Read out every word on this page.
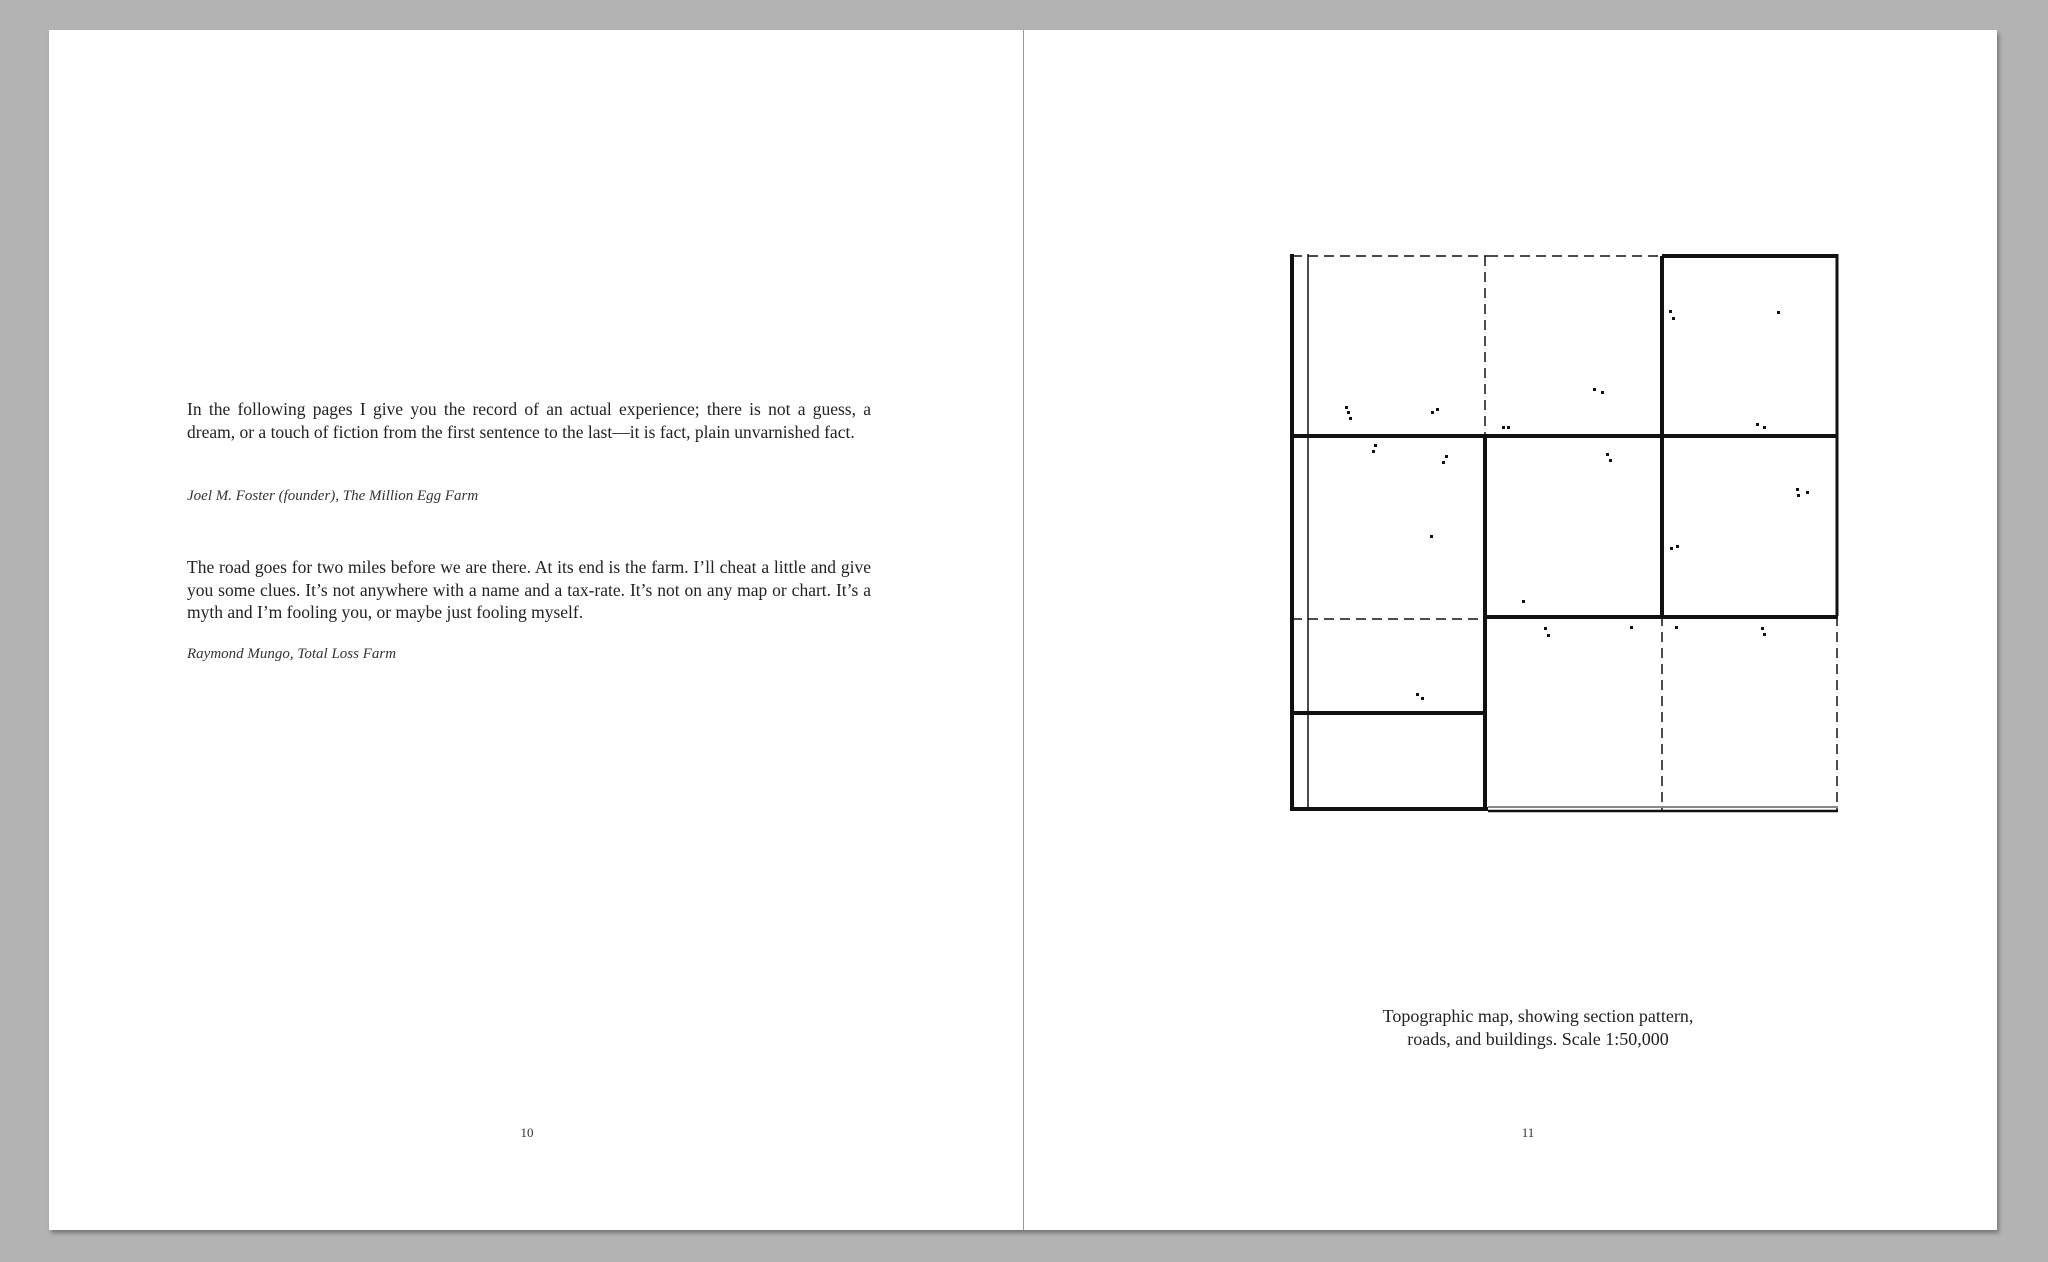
In the following pages I give you the record of an actual experience; there is not a guess, a dream, or a touch of fiction from the first sentence to the last—it is fact, plain unvarnished fact.

Joel M. Foster (founder), The Million Egg Farm

The road goes for two miles before we are there. At its end is the farm. I’ll cheat a little and give you some clues. It’s not anywhere with a name and a tax-rate. It’s not on any map or chart. It’s a myth and I’m fooling you, or maybe just fooling myself.

Raymond Mungo, Total Loss Farm

10
Topographic map, showing section pattern,
roads, and buildings. Scale 1:50,000
11
